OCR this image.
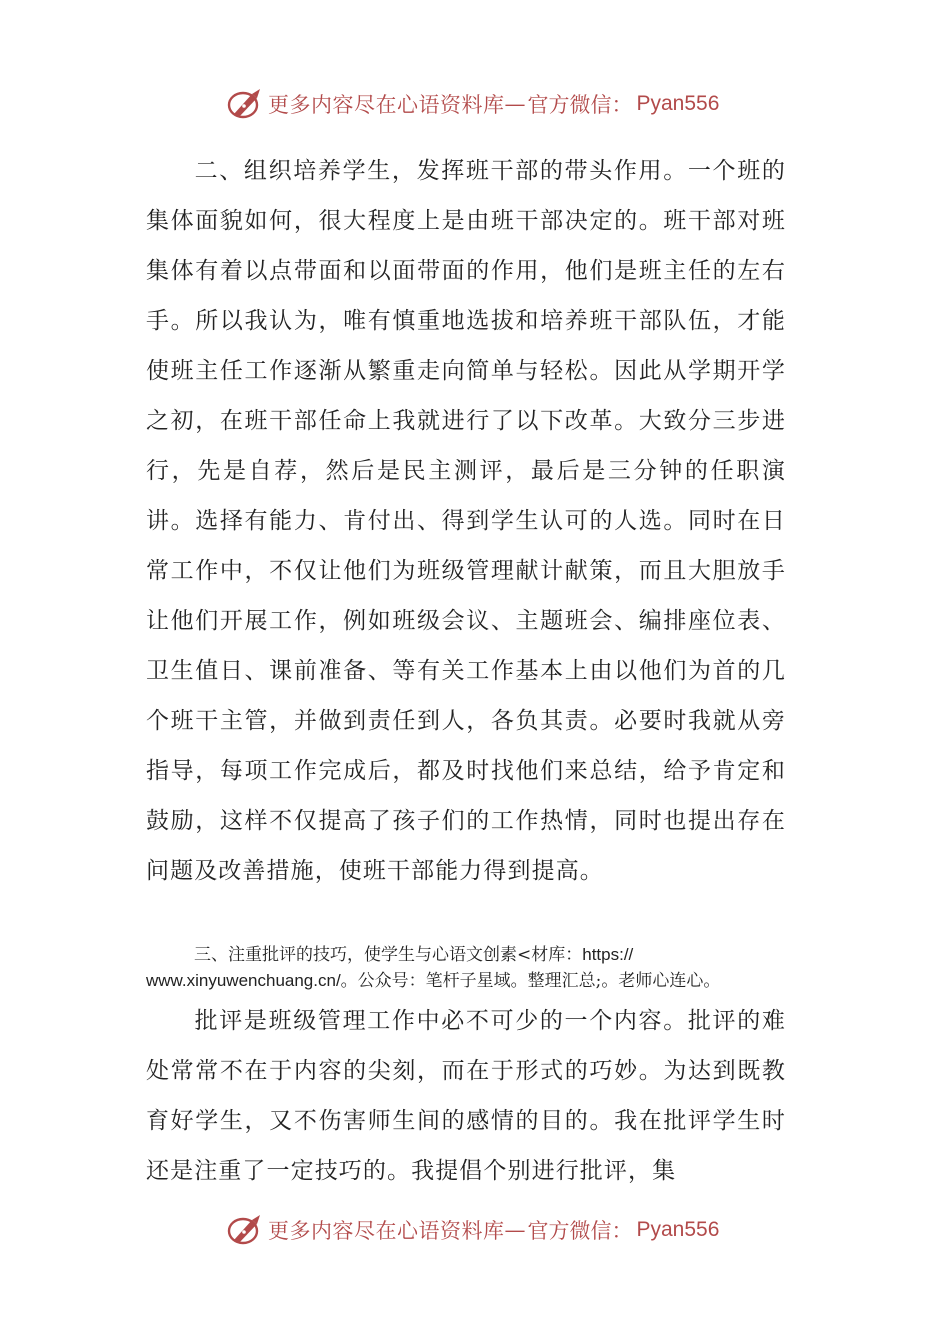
更多内容尽在心语资料库 — 官方微信： Pyan556

二、组织培养学生，发挥班干部的带头作用。一个班的集体面貌如何，很大程度上是由班干部决定的。班干部对班集体有着以点带面和以面带面的作用，他们是班主任的左右手。所以我认为，唯有慎重地选拔和培养班干部队伍，才能使班主任工作逐渐从繁重走向简单与轻松。因此从学期开学之初，在班干部任命上我就进行了以下改革。大致分三步进行，先是自荐，然后是民主测评，最后是三分钟的任职演讲。选择有能力、肯付出、得到学生认可的人选。同时在日常工作中，不仅让他们为班级管理献计献策，而且大胆放手让他们开展工作，例如班级会议、主题班会、编排座位表、卫生值日、课前准备、等有关工作基本上由以他们为首的几个班干主管，并做到责任到人，各负其责。必要时我就从旁指导，每项工作完成后，都及时找他们来总结，给予肯定和鼓励，这样不仅提高了孩子们的工作热情，同时也提出存在问题及改善措施，使班干部能力得到提高。

三、注重批评的技巧，使学生与心语文创素<材库：https://
www.xinyuwenchuang.cn/。公众号：笔杆子星域。整理汇总;。老师心连心。

批评是班级管理工作中必不可少的一个内容。批评的难处常常不在于内容的尖刻，而在于形式的巧妙。为达到既教育好学生，又不伤害师生间的感情的目的。我在批评学生时还是注重了一定技巧的。我提倡个别进行批评，集

更多内容尽在心语资料库 — 官方微信： Pyan556
